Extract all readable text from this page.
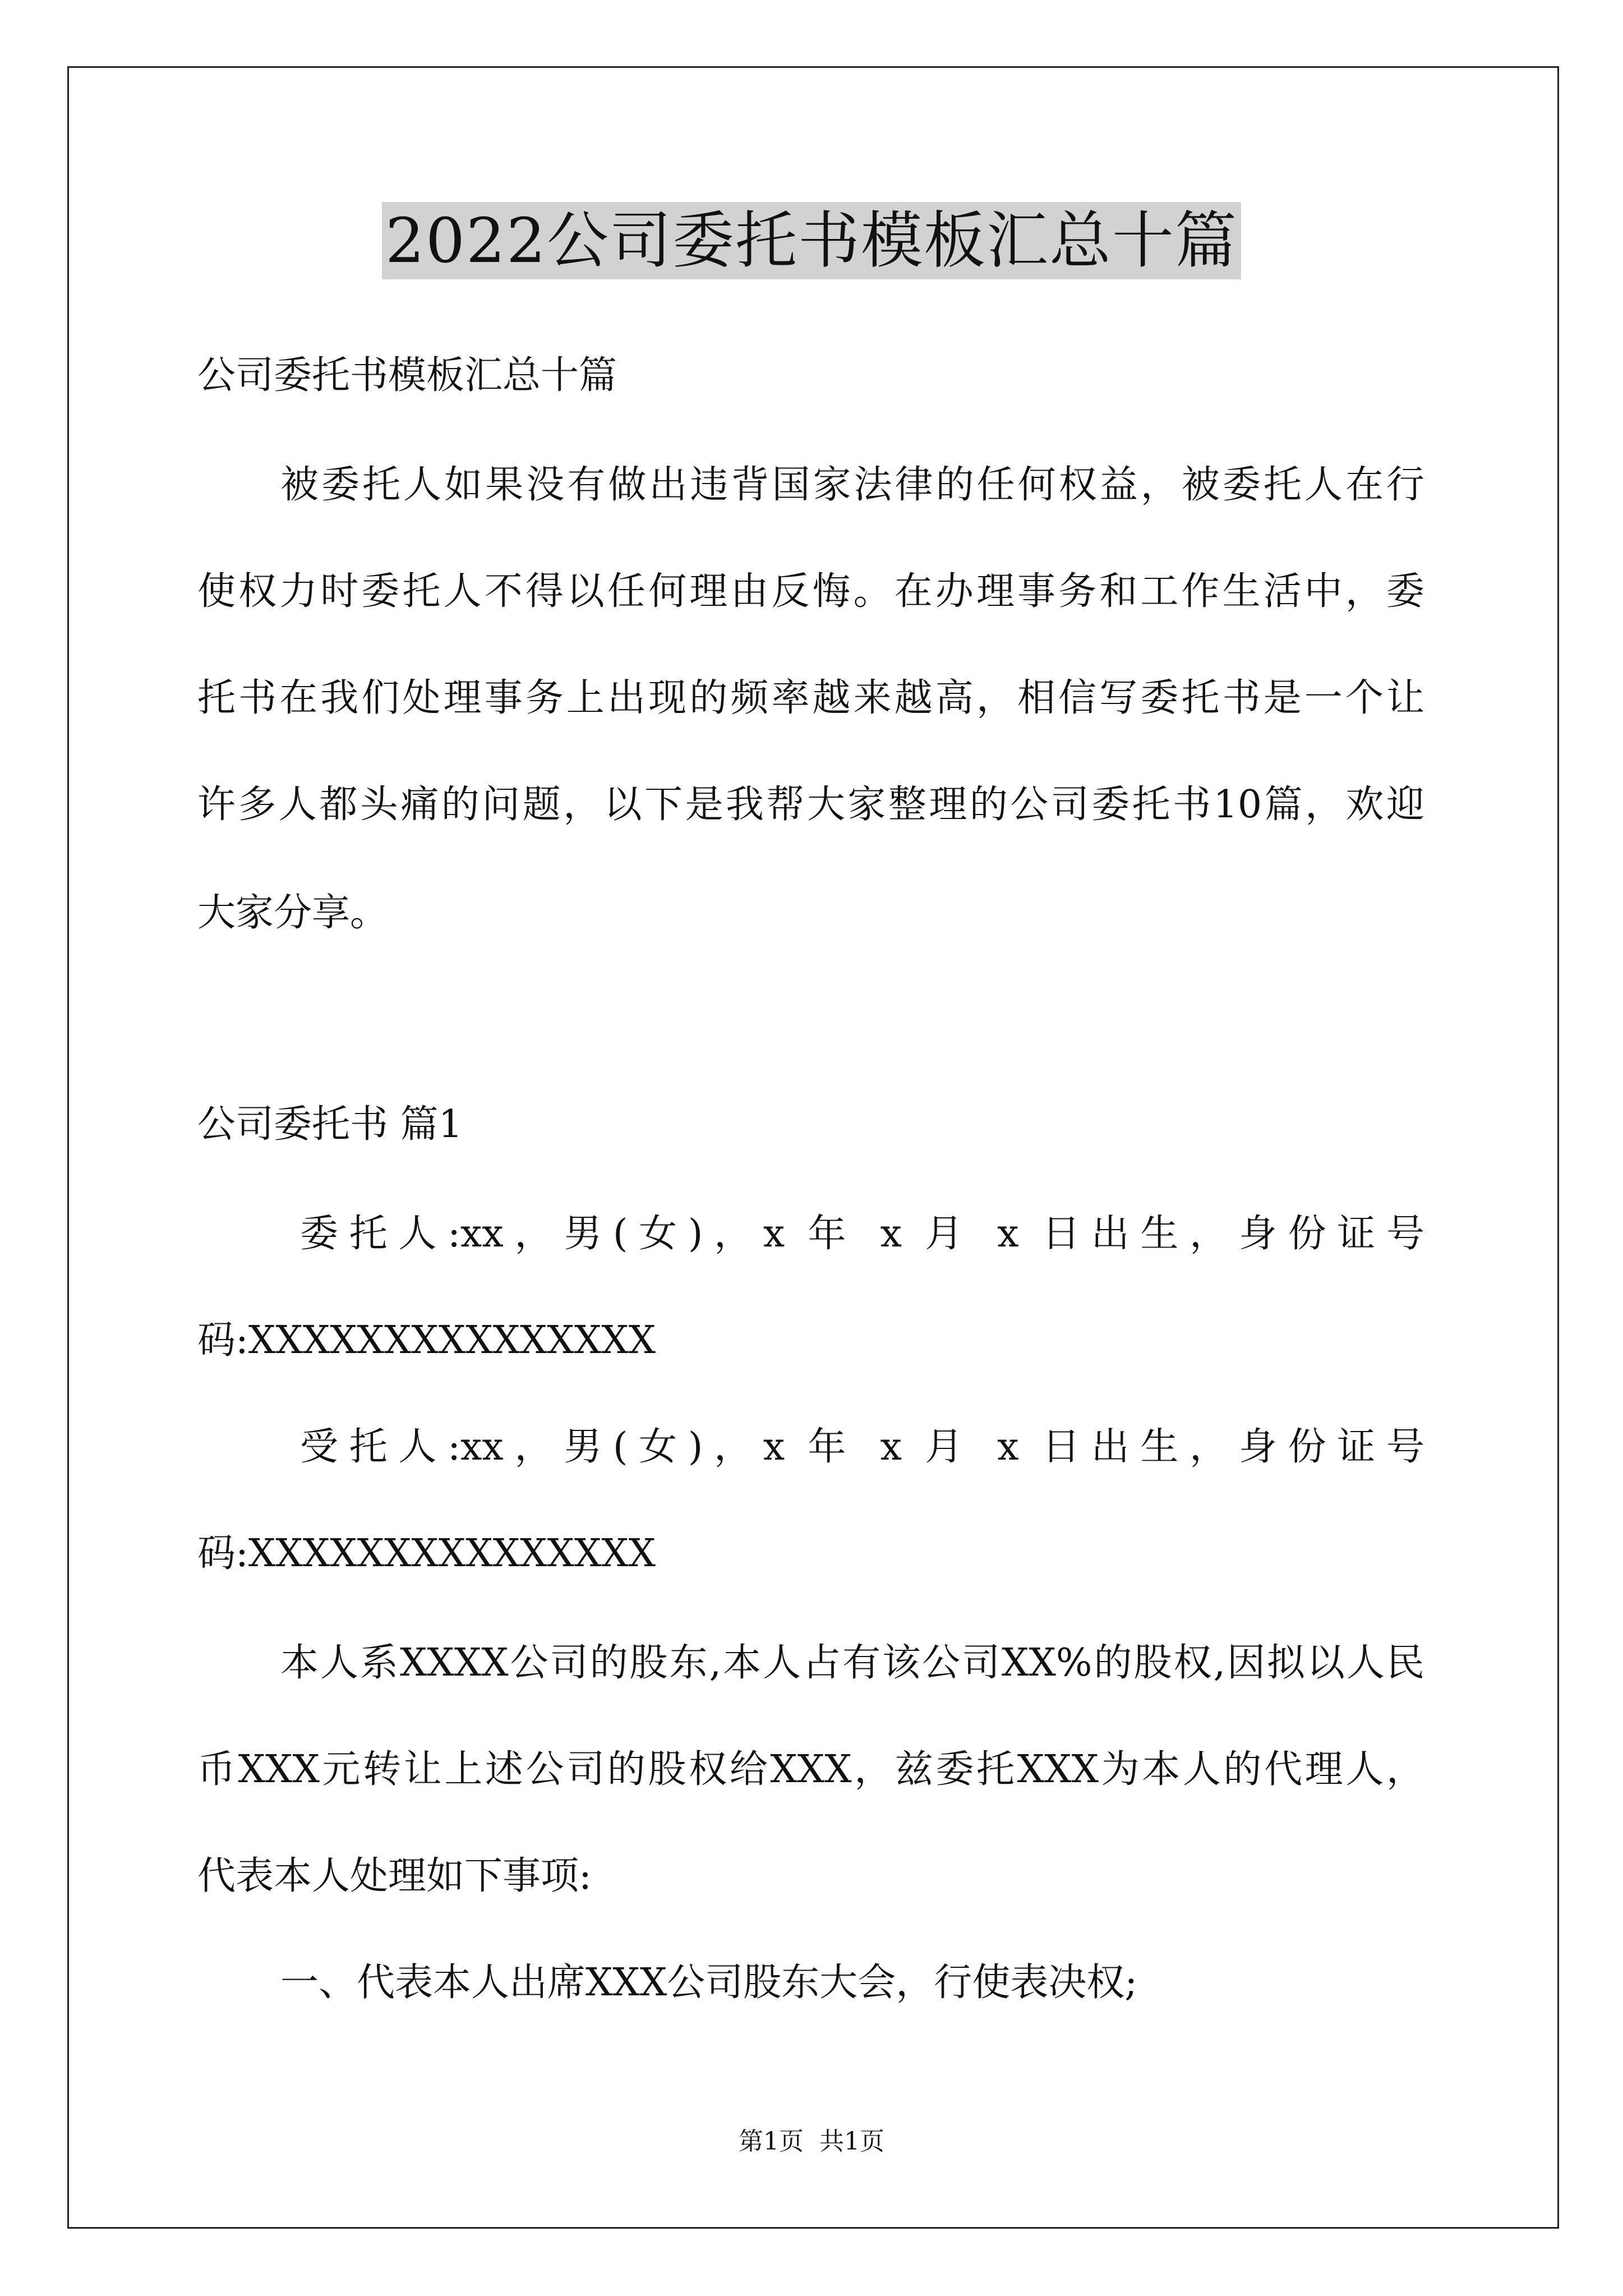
2022公司委托书模板汇总十篇
公司委托书模板汇总十篇
被委托人如果没有做出违背国家法律的任何权益，被委托人在行
使权力时委托人不得以任何理由反悔。在办理事务和工作生活中，委
托书在我们处理事务上出现的频率越来越高，相信写委托书是一个让
许多人都头痛的问题，以下是我帮大家整理的公司委托书10篇，欢迎
大家分享。
公司委托书 篇1
委托人:xx，男(女)，x 年 x 月 x 日出生，身份证号
码:XXXXXXXXXXXXXXX
受托人:xx，男(女)，x 年 x 月 x 日出生，身份证号
码:XXXXXXXXXXXXXXX
本人系XXXX公司的股东,本人占有该公司XX%的股权,因拟以人民
币XXX元转让上述公司的股权给XXX，兹委托XXX为本人的代理人，
代表本人处理如下事项:
一、代表本人出席XXX公司股东大会，行使表决权;
第1页 共1页
